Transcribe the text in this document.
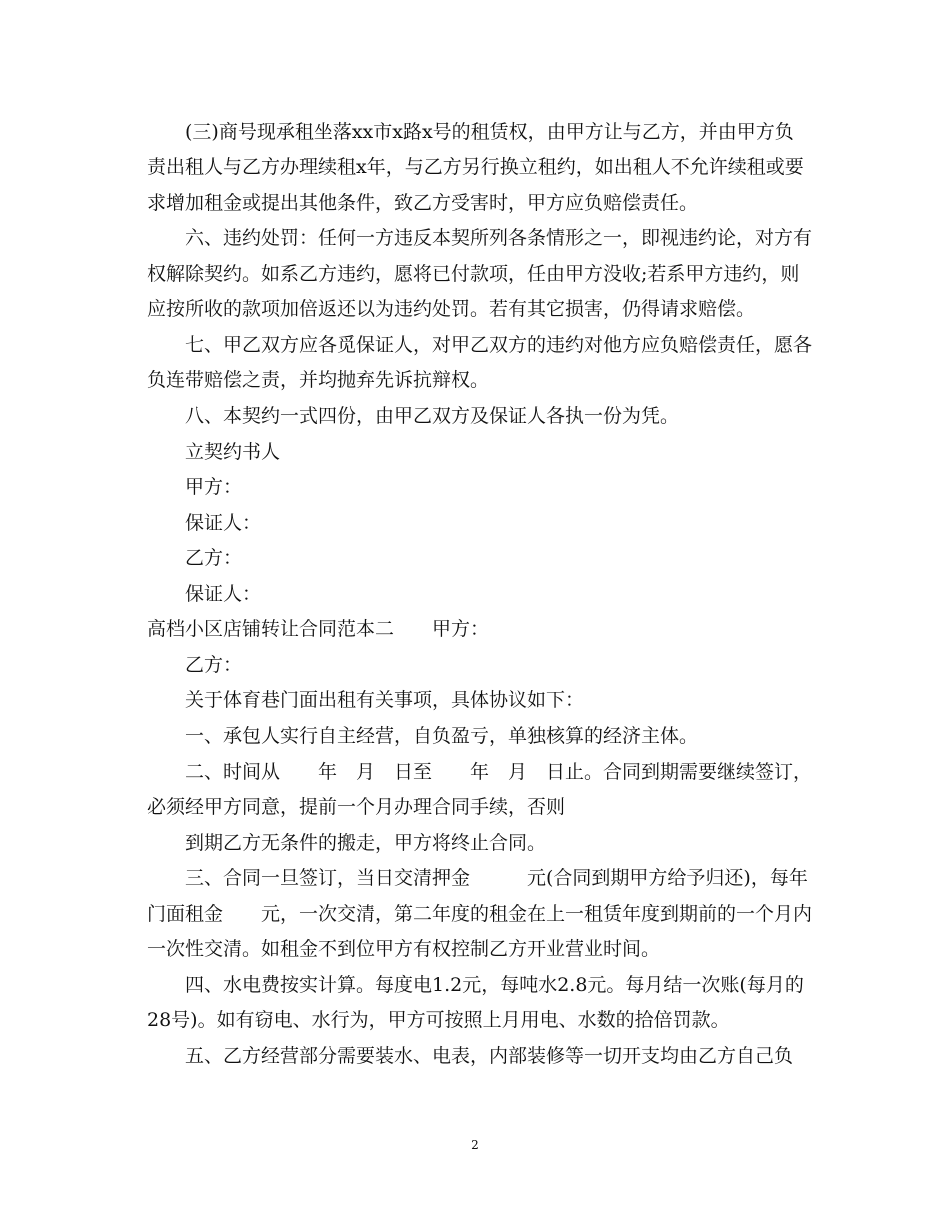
(三)商号现承租坐落xx市x路x号的租赁权，由甲方让与乙方，并由甲方负
责出租人与乙方办理续租x年，与乙方另行换立租约，如出租人不允许续租或要
求增加租金或提出其他条件，致乙方受害时，甲方应负赔偿责任。
六、违约处罚：任何一方违反本契所列各条情形之一，即视违约论，对方有
权解除契约。如系乙方违约，愿将已付款项，任由甲方没收;若系甲方违约，则
应按所收的款项加倍返还以为违约处罚。若有其它损害，仍得请求赔偿。
七、甲乙双方应各觅保证人，对甲乙双方的违约对他方应负赔偿责任，愿各
负连带赔偿之责，并均抛弃先诉抗辩权。
八、本契约一式四份，由甲乙双方及保证人各执一份为凭。
立契约书人
甲方：
保证人：
乙方：
保证人：
高档小区店铺转让合同范本二　　甲方：
乙方：
关于体育巷门面出租有关事项，具体协议如下：
一、承包人实行自主经营，自负盈亏，单独核算的经济主体。
二、时间从　　年　月　日至　　年　月　日止。合同到期需要继续签订，
必须经甲方同意，提前一个月办理合同手续，否则
到期乙方无条件的搬走，甲方将终止合同。
三、合同一旦签订，当日交清押金　　　元(合同到期甲方给予归还)，每年
门面租金　　元，一次交清，第二年度的租金在上一租赁年度到期前的一个月内
一次性交清。如租金不到位甲方有权控制乙方开业营业时间。
四、水电费按实计算。每度电1.2元，每吨水2.8元。每月结一次账(每月的
28号)。如有窃电、水行为，甲方可按照上月用电、水数的拾倍罚款。
五、乙方经营部分需要装水、电表，内部装修等一切开支均由乙方自己负
2
